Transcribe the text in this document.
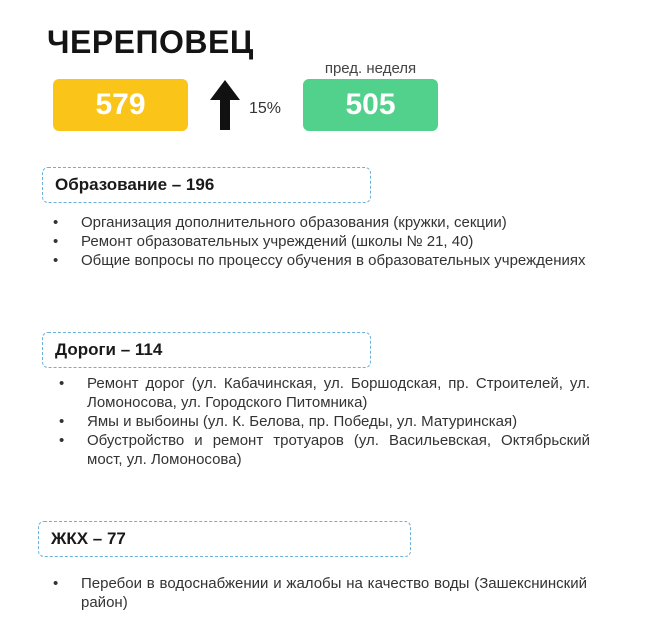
ЧЕРЕПОВЕЦ
579	15%
пред. неделя
505
Образование – 196
• Организация дополнительного образования (кружки, секции)
• Ремонт образовательных учреждений (школы № 21, 40)
• Общие вопросы по процессу обучения в образовательных учреждениях
Дороги – 114
• Ремонт дорог (ул. Кабачинская, ул. Боршодская, пр. Строителей, ул. Ломоносова, ул. Городского Питомника)
• Ямы и выбоины (ул. К. Белова, пр. Победы, ул. Матуринская)
• Обустройство и ремонт тротуаров (ул. Васильевская, Октябрьский мост, ул. Ломоносова)
ЖКХ – 77
• Перебои в водоснабжении и жалобы на качество воды (Зашекснинский район)
